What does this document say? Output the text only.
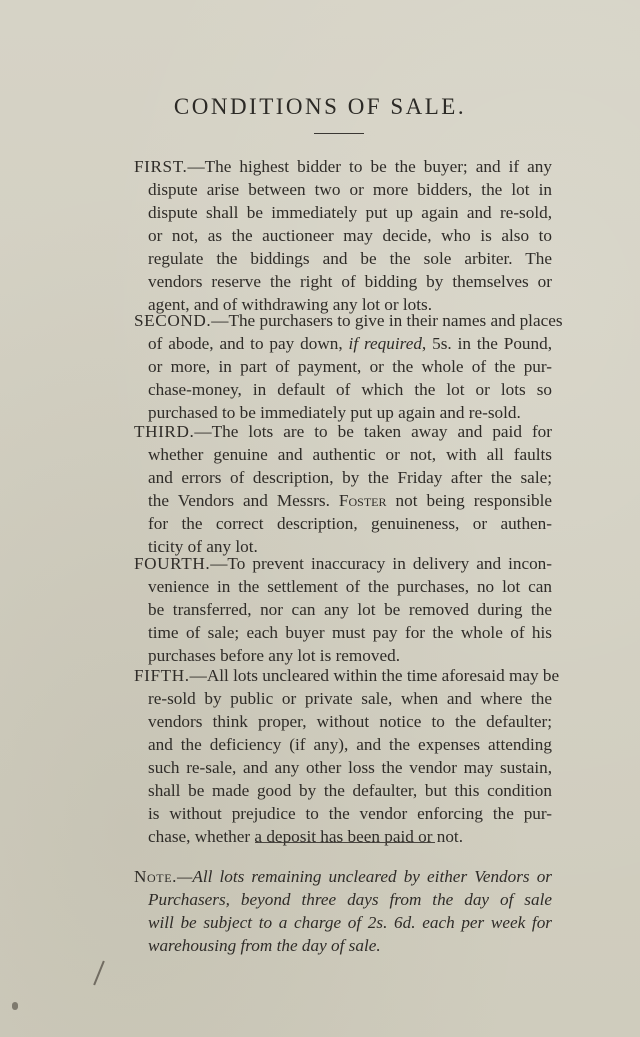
CONDITIONS OF SALE.
FIRST.—The highest bidder to be the buyer; and if any
dispute arise between two or more bidders, the lot in
dispute shall be immediately put up again and re-sold,
or not, as the auctioneer may decide, who is also to
regulate the biddings and be the sole arbiter. The
vendors reserve the right of bidding by themselves or
agent, and of withdrawing any lot or lots.
SECOND.—The purchasers to give in their names and places
of abode, and to pay down, if required, 5s. in the Pound,
or more, in part of payment, or the whole of the pur-
chase-money, in default of which the lot or lots so
purchased to be immediately put up again and re-sold.
THIRD.—The lots are to be taken away and paid for
whether genuine and authentic or not, with all faults
and errors of description, by the Friday after the sale;
the Vendors and Messrs. Foster not being responsible
for the correct description, genuineness, or authen-
ticity of any lot.
FOURTH.—To prevent inaccuracy in delivery and incon-
venience in the settlement of the purchases, no lot can
be transferred, nor can any lot be removed during the
time of sale; each buyer must pay for the whole of his
purchases before any lot is removed.
FIFTH.—All lots uncleared within the time aforesaid may be
re-sold by public or private sale, when and where the
vendors think proper, without notice to the defaulter;
and the deficiency (if any), and the expenses attending
such re-sale, and any other loss the vendor may sustain,
shall be made good by the defaulter, but this condition
is without prejudice to the vendor enforcing the pur-
chase, whether a deposit has been paid or not.
Note.—All lots remaining uncleared by either Vendors or
Purchasers, beyond three days from the day of sale
will be subject to a charge of 2s. 6d. each per week for
warehousing from the day of sale.
